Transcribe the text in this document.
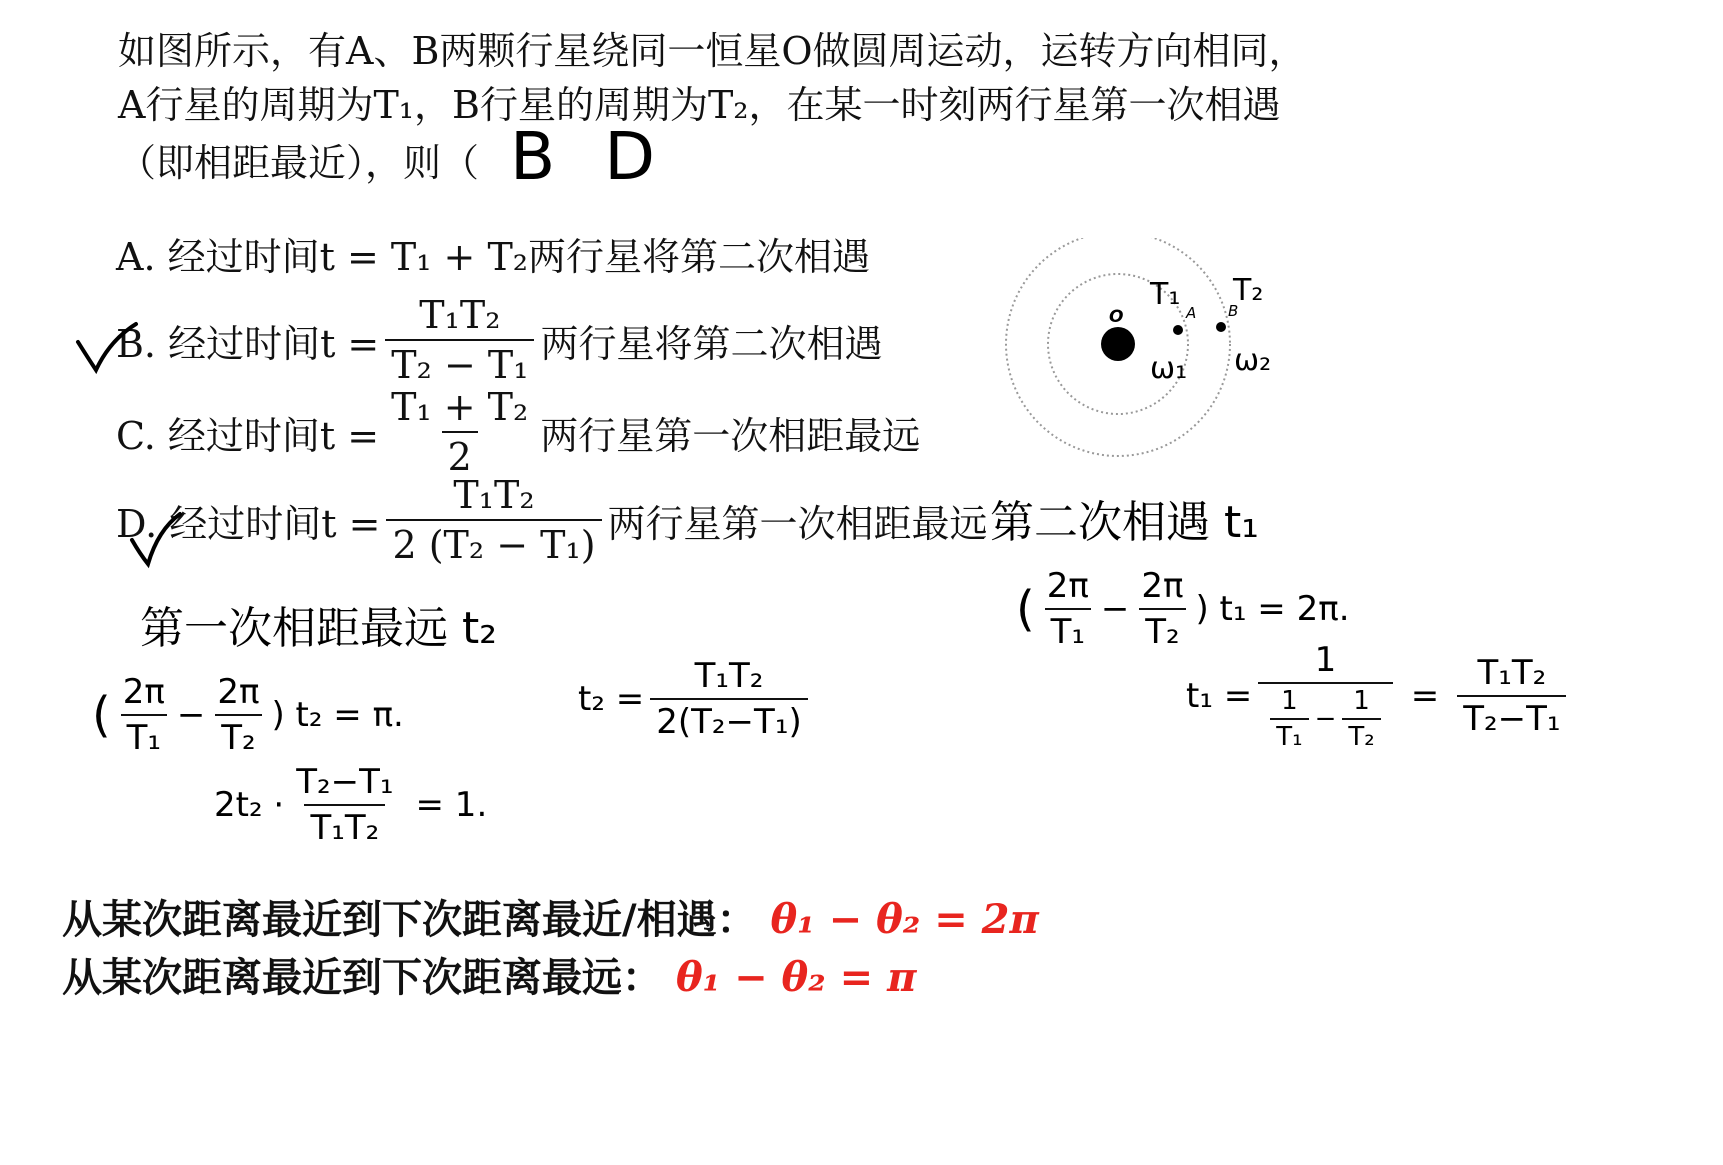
如图所示，有A、B两颗行星绕同一恒星O做圆周运动，运转方向相同，
A行星的周期为T₁，B行星的周期为T₂，在某一时刻两行星第一次相遇
（即相距最近），则（ B D
A. 经过时间t = T₁ + T₂ 两行星将第二次相遇
B. 经过时间$t = \frac{\text{T₁T₂}}{\text{T₂ − T₁}}$ 两行星将第二次相遇
C. 经过时间$t = \frac{\text{T₁ + T₂}}{2}$ 两行星第一次相距最远
D. 经过时间$t = \frac{\text{T₁T₂}}{\text{2 (T₂ − T₁)}}$ 两行星第一次相距最远
O	A B
T₁ T₂
ω₁ ω₂
第二次相遇 t₁
( $\frac{2\pi}{\text{T₁}} - \frac{2\pi}{\text{T₂}}$ ) t₁ = 2π.
$t_1 = \frac{1}{\frac{1}{\text{T₁}} - \frac{1}{\text{T₂}}} = \frac{\text{T₁T₂}}{\text{T₂−T₁}}$
第一次相距最远 t₂
( $\frac{2\pi}{\text{T₁}} - \frac{2\pi}{\text{T₂}}$ ) t₂ = π.	$t_2 = \frac{\text{T₁T₂}}{\text{2(T₂−T₁)}}$
$2t_2 \cdot \frac{\text{T₂−T₁}}{\text{T₁T₂}} = 1$.
从某次距离最近到下次距离最近/相遇： θ₁ − θ₂ = 2π
从某次距离最近到下次距离最远： θ₁ − θ₂ = π
